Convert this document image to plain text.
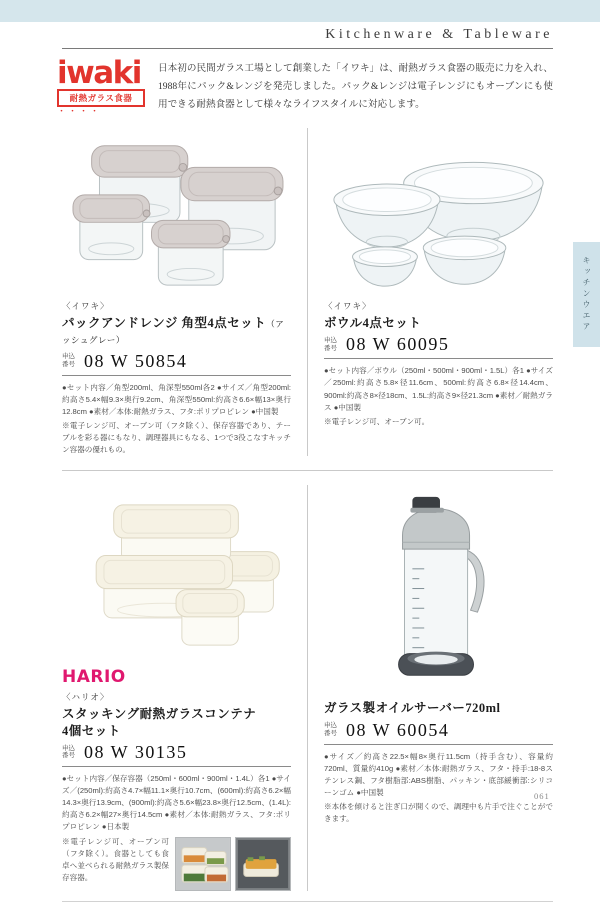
Kitchenware & Tableware
iwaki
耐熱ガラス食器
・・・・
日本初の民間ガラス工場として創業した「イワキ」は、耐熱ガラス食器の販売に力を入れ、1988年にパック&レンジを発売しました。パック&レンジは電子レンジにもオーブンにも使用できる耐熱食器として様々なライフスタイルに対応します。
〈イワキ〉
パックアンドレンジ 角型4点セット（アッシュグレー）
申込番号 08 W 50854

●セット内容／角型200ml、角深型550ml各2 ●サイズ／角型200ml:約高さ5.4×幅9.3×奥行9.2cm、角深型550ml:約高さ6.6×幅13×奥行12.8cm ●素材／本体:耐熱ガラス、フタ:ポリプロピレン ●中国製

※電子レンジ可、オーブン可（フタ除く）、保存容器であり、テーブルを彩る器にもなり、調理器具にもなる、1つで3役こなすキッチン容器の優れもの。

〈イワキ〉
ボウル4点セット
申込番号 08 W 60095

●セット内容／ボウル（250ml・500ml・900ml・1.5L）各1 ●サイズ／250ml:約高さ5.8×径11.6cm、500ml:約高さ6.8×径14.4cm、900ml:約高さ8×径18cm、1.5L:約高さ9×径21.3cm ●素材／耐熱ガラス ●中国製

※電子レンジ可、オーブン可。

HARIO
〈ハリオ〉
スタッキング耐熱ガラスコンテナ
4個セット
申込番号 08 W 30135

●セット内容／保存容器（250ml・600ml・900ml・1.4L）各1 ●サイズ／(250ml):約高さ4.7×幅11.1×奥行10.7cm、(600ml):約高さ6.2×幅14.3×奥行13.9cm、(900ml):約高さ5.6×幅23.8×奥行12.5cm、(1.4L):約高さ6.2×幅27×奥行14.5cm ●素材／本体:耐熱ガラス、フタ:ポリプロピレン ●日本製

※電子レンジ可、オーブン可（フタ除く）。食器としても食卓へ並べられる耐熱ガラス製保存容器。

ガラス製オイルサーバー720ml
申込番号 08 W 60054

●サイズ／約高さ22.5×幅8×奥行11.5cm（持手含む）、容量約720ml、質量約410g ●素材／本体:耐熱ガラス、フタ・持手:18-8ステンレス鋼、フタ樹脂部:ABS樹脂、パッキン・底部緩衝部:シリコーンゴム ●中国製

※本体を傾けると注ぎ口が開くので、調理中も片手で注ぐことができます。

キッチンウエア
061
